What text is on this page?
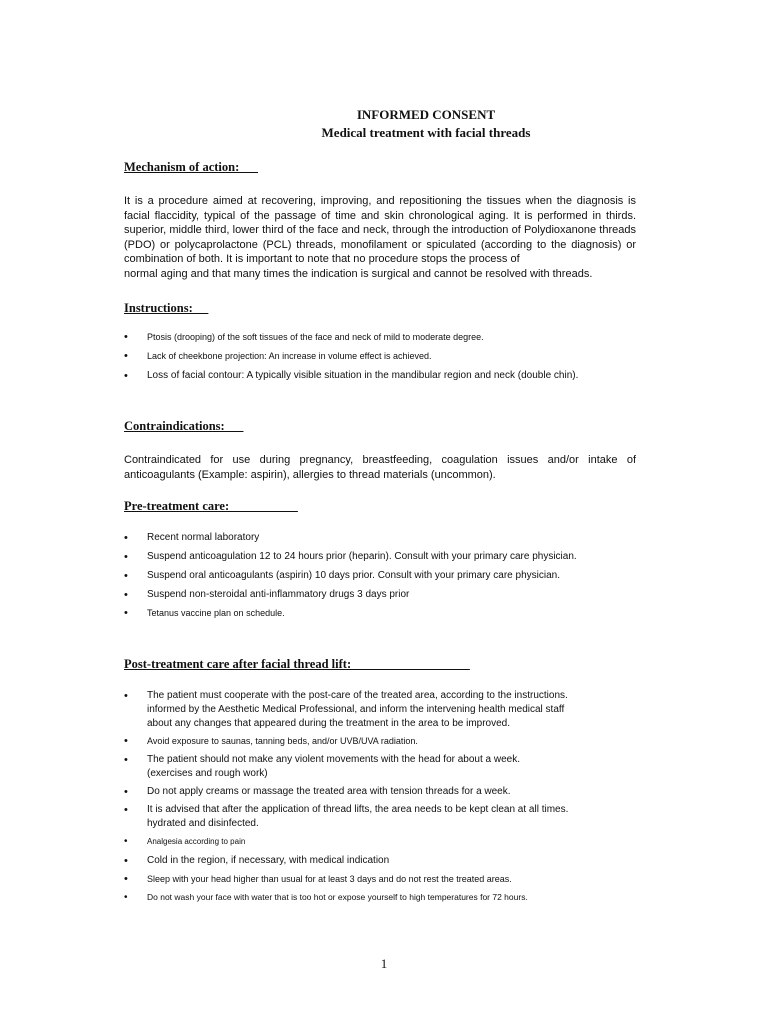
INFORMED CONSENT
Medical treatment with facial threads
Mechanism of action:
It is a procedure aimed at recovering, improving, and repositioning the tissues when the diagnosis is facial flaccidity, typical of the passage of time and skin chronological aging. It is performed in thirds. superior, middle third, lower third of the face and neck, through the introduction of Polydioxanone threads (PDO) or polycaprolactone (PCL) threads, monofilament or spiculated (according to the diagnosis) or combination of both. It is important to note that no procedure stops the process of
normal aging and that many times the indication is surgical and cannot be resolved with threads.
Instructions:
• Ptosis (drooping) of the soft tissues of the face and neck of mild to moderate degree.
• Lack of cheekbone projection: An increase in volume effect is achieved.
• Loss of facial contour: A typically visible situation in the mandibular region and neck (double chin).
Contraindications:
Contraindicated for use during pregnancy, breastfeeding, coagulation issues and/or intake of anticoagulants (Example: aspirin), allergies to thread materials (uncommon).
Pre-treatment care:
• Recent normal laboratory
• Suspend anticoagulation 12 to 24 hours prior (heparin). Consult with your primary care physician.
• Suspend oral anticoagulants (aspirin) 10 days prior. Consult with your primary care physician.
• Suspend non-steroidal anti-inflammatory drugs 3 days prior
• Tetanus vaccine plan on schedule.
Post-treatment care after facial thread lift:
• The patient must cooperate with the post-care of the treated area, according to the instructions.
informed by the Aesthetic Medical Professional, and inform the intervening health medical staff
about any changes that appeared during the treatment in the area to be improved.
• Avoid exposure to saunas, tanning beds, and/or UVB/UVA radiation.
• The patient should not make any violent movements with the head for about a week.
(exercises and rough work)
• Do not apply creams or massage the treated area with tension threads for a week.
• It is advised that after the application of thread lifts, the area needs to be kept clean at all times.
hydrated and disinfected.
• Analgesia according to pain
• Cold in the region, if necessary, with medical indication
• Sleep with your head higher than usual for at least 3 days and do not rest the treated areas.
• Do not wash your face with water that is too hot or expose yourself to high temperatures for 72 hours.
1
